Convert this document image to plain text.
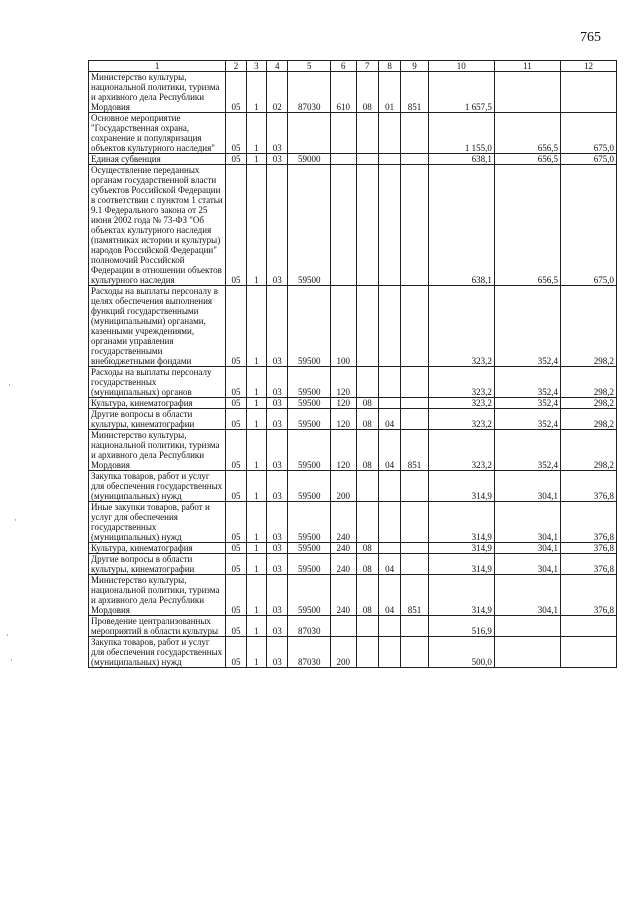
765
·
·
·
·
1	2	3	4	5	6	7	8	9	10	11	12
Министерство культуры, национальной политики, туризма и архивного дела Республики Мордовия	05	1	02	87030	610	08	01	851	1 657,5		
Основное мероприятие "Государственная охрана, сохранение и популяризация объектов культурного наследия"	05	1	03						1 155,0	656,5	675,0
Единая субвенция	05	1	03	59000					638,1	656,5	675,0
Осуществление переданных органам государственной власти субъектов Российской Федерации в соответствии с пунктом 1 статьи 9.1 Федерального закона от 25 июня 2002 года № 73-ФЗ "Об объектах культурного наследия (памятниках истории и культуры) народов Российской Федерации" полномочий Российской Федерации в отношении объектов культурного наследия	05	1	03	59500					638,1	656,5	675,0
Расходы на выплаты персоналу в целях обеспечения выполнения функций государственными (муниципальными) органами, казенными учреждениями, органами управления государственными внебюджетными фондами	05	1	03	59500	100				323,2	352,4	298,2
Расходы на выплаты персоналу государственных (муниципальных) органов	05	1	03	59500	120				323,2	352,4	298,2
Культура, кинематография	05	1	03	59500	120	08			323,2	352,4	298,2
Другие вопросы в области культуры, кинематографии	05	1	03	59500	120	08	04		323,2	352,4	298,2
Министерство культуры, национальной политики, туризма и архивного дела Республики Мордовия	05	1	03	59500	120	08	04	851	323,2	352,4	298,2
Закупка товаров, работ и услуг для обеспечения государственных (муниципальных) нужд	05	1	03	59500	200				314,9	304,1	376,8
Иные закупки товаров, работ и услуг для обеспечения государственных (муниципальных) нужд	05	1	03	59500	240				314,9	304,1	376,8
Культура, кинематография	05	1	03	59500	240	08			314,9	304,1	376,8
Другие вопросы в области культуры, кинематографии	05	1	03	59500	240	08	04		314,9	304,1	376,8
Министерство культуры, национальной политики, туризма и архивного дела Республики Мордовия	05	1	03	59500	240	08	04	851	314,9	304,1	376,8
Проведение централизованных мероприятий в области культуры	05	1	03	87030					516,9		
Закупка товаров, работ и услуг для обеспечения государственных (муниципальных) нужд	05	1	03	87030	200				500,0		
